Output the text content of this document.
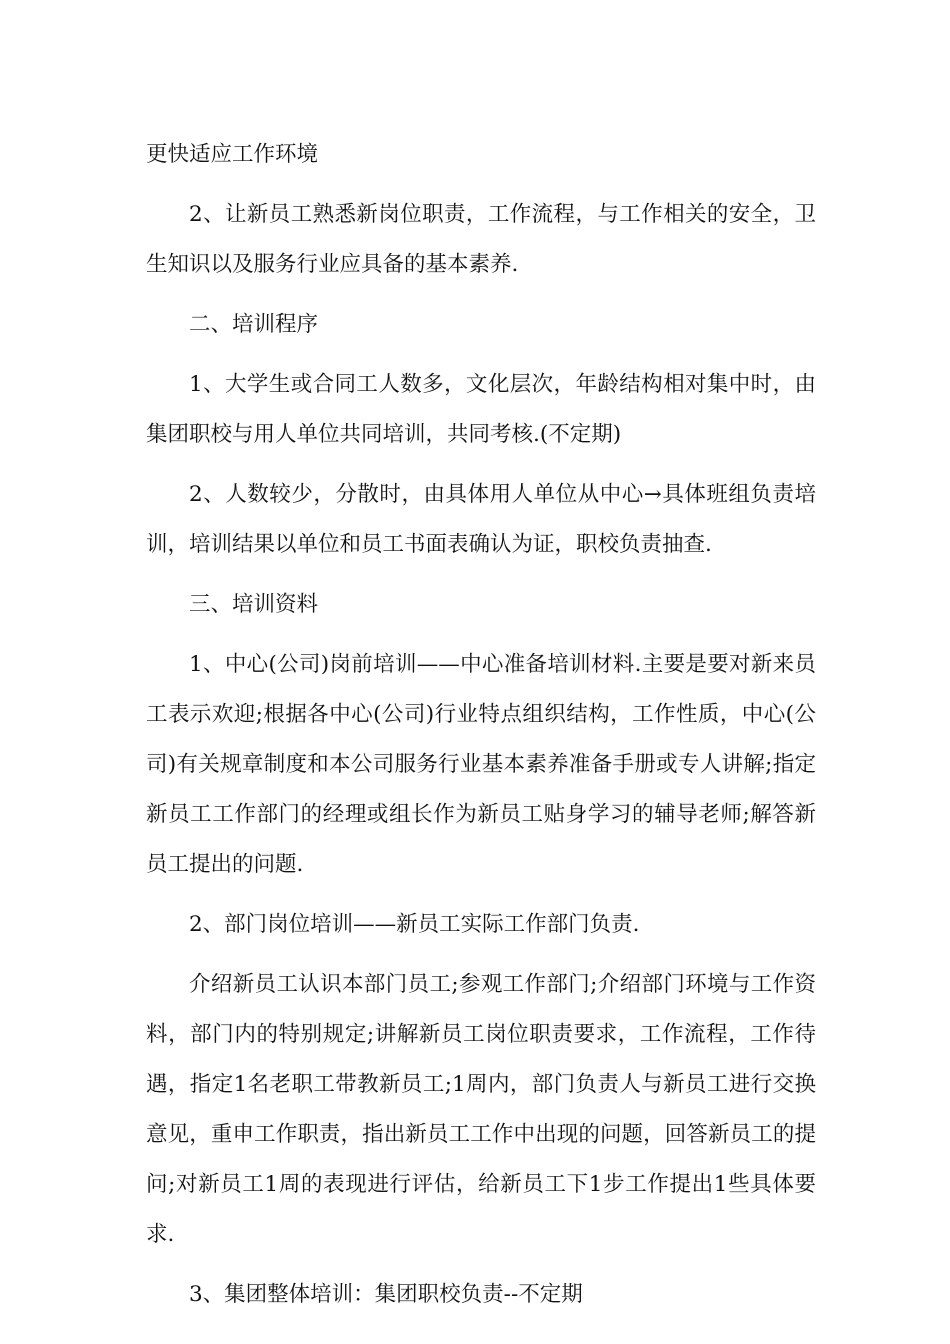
更快适应工作环境

2、让新员工熟悉新岗位职责，工作流程，与工作相关的安全，卫生知识以及服务行业应具备的基本素养.

二、培训程序

1、大学生或合同工人数多，文化层次，年龄结构相对集中时，由集团职校与用人单位共同培训，共同考核.(不定期)

2、人数较少，分散时，由具体用人单位从中心→具体班组负责培训，培训结果以单位和员工书面表确认为证，职校负责抽查.

三、培训资料

1、中心(公司)岗前培训——中心准备培训材料.主要是要对新来员工表示欢迎;根据各中心(公司)行业特点组织结构，工作性质，中心(公司)有关规章制度和本公司服务行业基本素养准备手册或专人讲解;指定新员工工作部门的经理或组长作为新员工贴身学习的辅导老师;解答新员工提出的问题.

2、部门岗位培训——新员工实际工作部门负责.

介绍新员工认识本部门员工;参观工作部门;介绍部门环境与工作资料，部门内的特别规定;讲解新员工岗位职责要求，工作流程，工作待遇，指定1名老职工带教新员工;1周内，部门负责人与新员工进行交换意见，重申工作职责，指出新员工工作中出现的问题，回答新员工的提问;对新员工1周的表现进行评估，给新员工下1步工作提出1些具体要求.

3、集团整体培训：集团职校负责--不定期
